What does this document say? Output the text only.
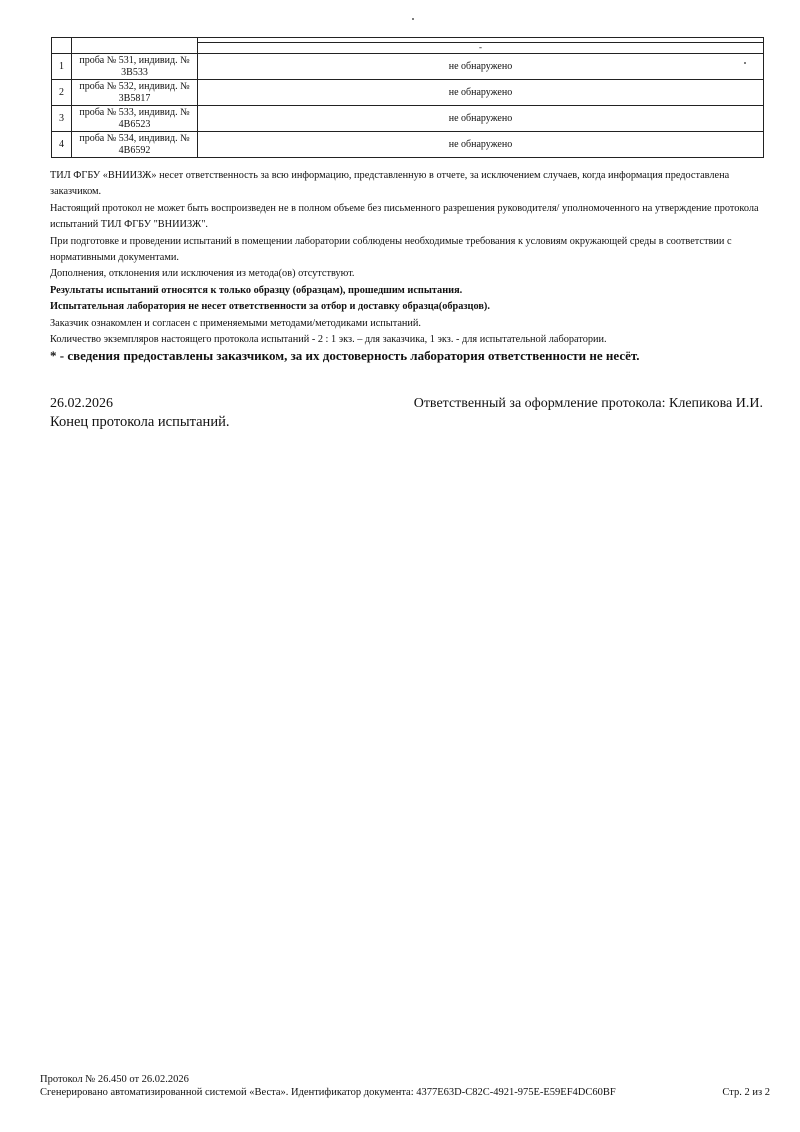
		-

1	проба № 531, индивид. № 3B533	не обнаружено
2	проба № 532, индивид. № 3B5817	не обнаружено
3	проба № 533, индивид. № 4B6523	не обнаружено
4	проба № 534, индивид. № 4B6592	не обнаружено

ТИЛ ФГБУ «ВНИИЗЖ» несет ответственность за всю информацию, представленную в отчете, за исключением случаев, когда информация предоставлена заказчиком.

Настоящий протокол не может быть воспроизведен не в полном объеме без письменного разрешения руководителя/ уполномоченного на утверждение протокола испытаний ТИЛ ФГБУ "ВНИИЗЖ".

При подготовке и проведении испытаний в помещении лаборатории соблюдены необходимые требования к условиям окружающей среды в соответствии с нормативными документами.

Дополнения, отклонения или исключения из метода(ов) отсутствуют.

Результаты испытаний относятся к только образцу (образцам), прошедшим испытания.

Испытательная лаборатория не несет ответственности за отбор и доставку образца(образцов).

Заказчик ознакомлен и согласен с применяемыми методами/методиками испытаний.

Количество экземпляров настоящего протокола испытаний - 2 : 1 экз. – для заказчика, 1 экз. - для испытательной лаборатории.

* - сведения предоставлены заказчиком, за их достоверность лаборатория ответственности не несёт.

26.02.2026	Ответственный за оформление протокола: Клепикова И.И.
Конец протокола испытаний.
Протокол № 26.450 от 26.02.2026
Сгенерировано автоматизированной системой «Веста». Идентификатор документа: 4377E63D-C82C-4921-975E-E59EF4DC60BF	Стр. 2 из 2
